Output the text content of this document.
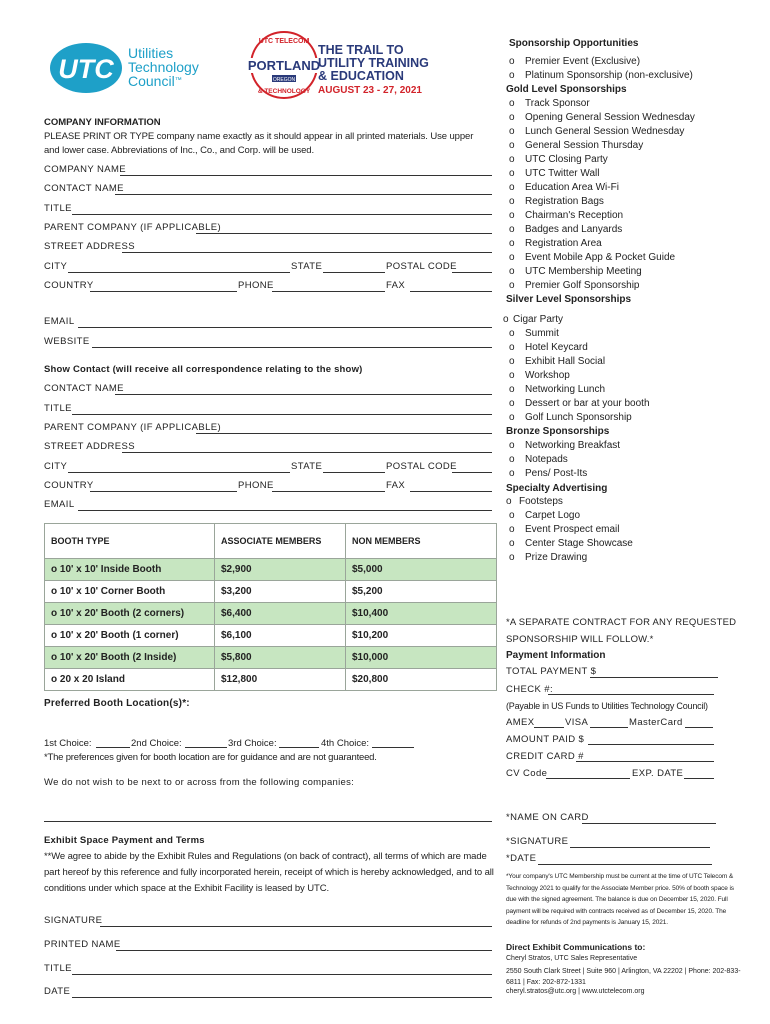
UTC
Utilities
Technology
Council™
UTC TELECOM
PORTLAND
OREGON
& TECHNOLOGY
THE TRAIL TO
UTILITY TRAINING
& EDUCATION
AUGUST 23 - 27, 2021
COMPANY INFORMATION
PLEASE PRINT OR TYPE company name exactly as it should appear in all printed materials. Use upper and lower case. Abbreviations of Inc., Co., and Corp. will be used.
COMPANY NAME
CONTACT NAME
TITLE
PARENT COMPANY (IF APPLICABLE)
STREET ADDRESS
CITY	STATE	POSTAL CODE
COUNTRY	PHONE	FAX
EMAIL
WEBSITE
Show Contact (will receive all correspondence relating to the show)
CONTACT NAME
TITLE
PARENT COMPANY (IF APPLICABLE)
STREET ADDRESS
CITY	STATE	POSTAL CODE
COUNTRY	PHONE	FAX
EMAIL
BOOTH TYPE	ASSOCIATE MEMBERS	NON MEMBERS
o 10' x 10' Inside Booth	$2,900	$5,000
o 10' x 10' Corner Booth	$3,200	$5,200
o 10' x 20' Booth (2 corners)	$6,400	$10,400
o 10' x 20' Booth (1 corner)	$6,100	$10,200
o 10' x 20' Booth (2 Inside)	$5,800	$10,000
o 20 x 20 Island	$12,800	$20,800
Preferred Booth Location(s)*:
1st Choice:	2nd Choice:	3rd Choice:	4th Choice:
*The preferences given for booth location are for guidance and are not guaranteed.
We do not wish to be next to or across from the following companies:
Exhibit Space Payment and Terms
**We agree to abide by the Exhibit Rules and Regulations (on back of contract), all terms of which are made part hereof by this reference and fully incorporated herein, receipt of which is hereby acknowledged, and to all conditions under which space at the Exhibit Facility is leased by UTC.
SIGNATURE
PRINTED NAME
TITLE
DATE
Sponsorship Opportunities
o Premier Event (Exclusive)
o Platinum Sponsorship (non-exclusive)
Gold Level Sponsorships
o Track Sponsor
o Opening General Session Wednesday
o Lunch General Session Wednesday
o General Session Thursday
o UTC Closing Party
o UTC Twitter Wall
o Education Area Wi-Fi
o Registration Bags
o Chairman's Reception
o Badges and Lanyards
o Registration Area
o Event Mobile App & Pocket Guide
o UTC Membership Meeting
o Premier Golf Sponsorship
Silver Level Sponsorships
o Cigar Party
o Summit
o Hotel Keycard
o Exhibit Hall Social
o Workshop
o Networking Lunch
o Dessert or bar at your booth
o Golf Lunch Sponsorship
Bronze Sponsorships
o Networking Breakfast
o Notepads
o Pens/ Post-Its
Specialty Advertising
o Footsteps
o Carpet Logo
o Event Prospect email
o Center Stage Showcase
o Prize Drawing
*A SEPARATE CONTRACT FOR ANY REQUESTED SPONSORSHIP WILL FOLLOW.*
Payment Information
TOTAL PAYMENT $
CHECK #:
(Payable in US Funds to Utilities Technology Council)
AMEX	VISA	MasterCard
AMOUNT PAID $
CREDIT CARD #
CV Code	EXP. DATE
*NAME ON CARD
*SIGNATURE
*DATE
*Your company's UTC Membership must be current at the time of UTC Telecom & Technology 2021 to qualify for the Associate Member price. 50% of booth space is due with the signed agreement. The balance is due on December 15, 2020. Full payment will be required with contracts received as of December 15, 2020. The deadline for refunds of 2nd payments is January 15, 2021.
Direct Exhibit Communications to:
Cheryl Stratos, UTC Sales Representative
2550 South Clark Street | Suite 960 | Arlington, VA 22202 | Phone: 202-833-6811 | Fax: 202-872-1331
cheryl.stratos@utc.org | www.utctelecom.org
